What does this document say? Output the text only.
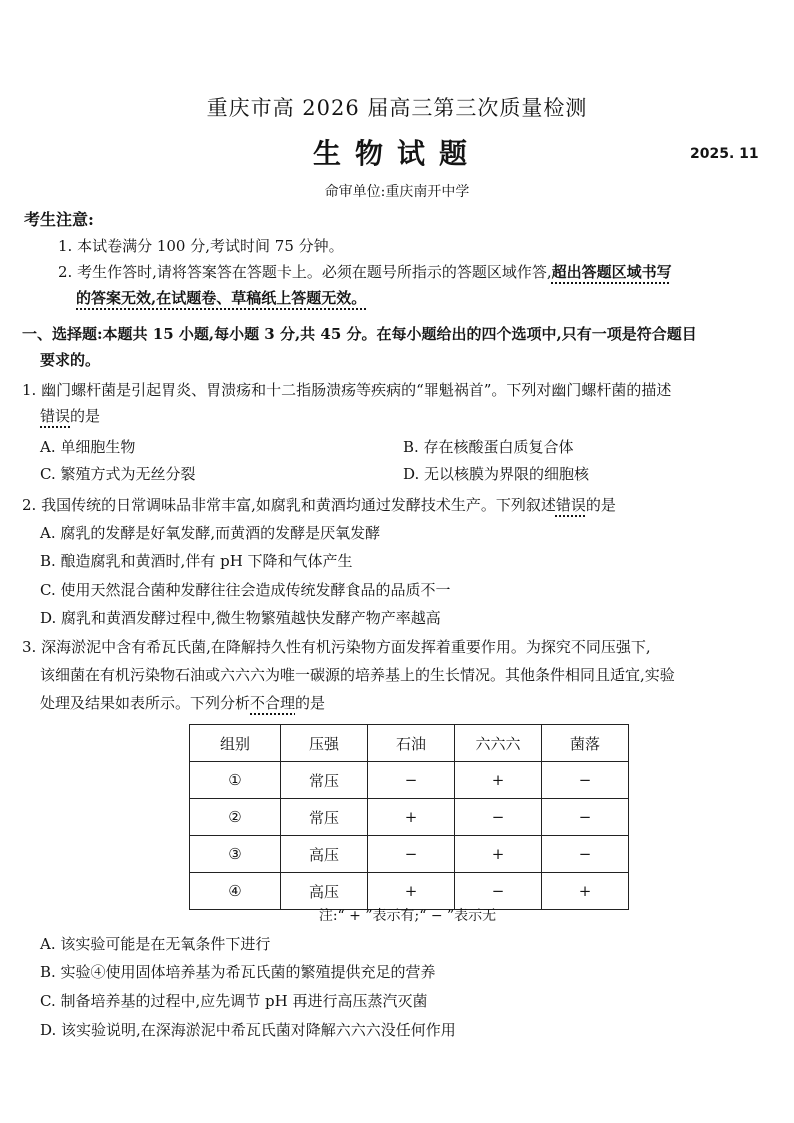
重庆市高 2026 届高三第三次质量检测
生物试题	2025. 11
命审单位:重庆南开中学
考生注意:
1. 本试卷满分 100 分,考试时间 75 分钟。
2. 考生作答时,请将答案答在答题卡上。必须在题号所指示的答题区域作答,超出答题区域书写
的答案无效,在试题卷、草稿纸上答题无效。
一、选择题:本题共 15 小题,每小题 3 分,共 45 分。在每小题给出的四个选项中,只有一项是符合题目
要求的。
1. 幽门螺杆菌是引起胃炎、胃溃疡和十二指肠溃疡等疾病的“罪魁祸首”。下列对幽门螺杆菌的描述
错误的是
A. 单细胞生物	B. 存在核酸蛋白质复合体
C. 繁殖方式为无丝分裂	D. 无以核膜为界限的细胞核
2. 我国传统的日常调味品非常丰富,如腐乳和黄酒均通过发酵技术生产。下列叙述错误的是
A. 腐乳的发酵是好氧发酵,而黄酒的发酵是厌氧发酵
B. 酿造腐乳和黄酒时,伴有 pH 下降和气体产生
C. 使用天然混合菌种发酵往往会造成传统发酵食品的品质不一
D. 腐乳和黄酒发酵过程中,微生物繁殖越快发酵产物产率越高
3. 深海淤泥中含有希瓦氏菌,在降解持久性有机污染物方面发挥着重要作用。为探究不同压强下,
该细菌在有机污染物石油或六六六为唯一碳源的培养基上的生长情况。其他条件相同且适宜,实验
处理及结果如表所示。下列分析不合理的是
组别	压强	石油	六六六	菌落
①	常压	−	+	−
②	常压	+	−	−
③	高压	−	+	−
④	高压	+	−	+
注:“ + ”表示有;“ − ”表示无
A. 该实验可能是在无氧条件下进行
B. 实验④使用固体培养基为希瓦氏菌的繁殖提供充足的营养
C. 制备培养基的过程中,应先调节 pH 再进行高压蒸汽灭菌
D. 该实验说明,在深海淤泥中希瓦氏菌对降解六六六没任何作用
